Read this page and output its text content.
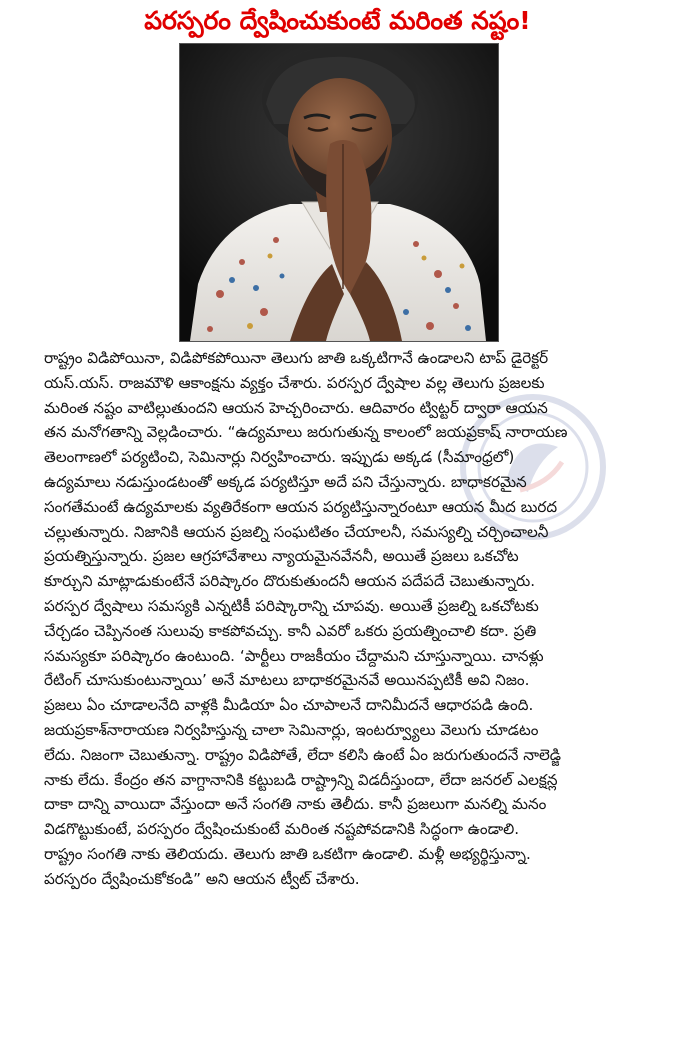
పరస్పరం ద్వేషించుకుంటే మరింత నష్టం!
రాష్ట్రం విడిపోయినా, విడిపోకపోయినా తెలుగు జాతి ఒక్కటిగానే ఉండాలని టాప్ డైరెక్టర్
యస్.యస్. రాజమౌళి ఆకాంక్షను వ్యక్తం చేశారు. పరస్పర ద్వేషాల వల్ల తెలుగు ప్రజలకు
మరింత నష్టం వాటిల్లుతుందని ఆయన హెచ్చరించారు. ఆదివారం ట్విట్టర్ ద్వారా ఆయన
తన మనోగతాన్ని వెల్లడించారు. “ఉద్యమాలు జరుగుతున్న కాలంలో జయప్రకాష్ నారాయణ
తెలంగాణలో పర్యటించి, సెమినార్లు నిర్వహించారు. ఇప్పుడు అక్కడ (సీమాంధ్రలో)
ఉద్యమాలు నడుస్తుండటంతో అక్కడ పర్యటిస్తూ అదే పని చేస్తున్నారు. బాధాకరమైన
సంగతేమంటే ఉద్యమాలకు వ్యతిరేకంగా ఆయన పర్యటిస్తున్నారంటూ ఆయన మీద బురద
చల్లుతున్నారు. నిజానికి ఆయన ప్రజల్ని సంఘటితం చేయాలనీ, సమస్యల్ని చర్చించాలనీ
ప్రయత్నిస్తున్నారు. ప్రజల ఆగ్రహావేశాలు న్యాయమైనవేననీ, అయితే ప్రజలు ఒకచోట
కూర్చుని మాట్లాడుకుంటేనే పరిష్కారం దొరుకుతుందనీ ఆయన పదేపదే చెబుతున్నారు.
పరస్పర ద్వేషాలు సమస్యకి ఎన్నటికీ పరిష్కారాన్ని చూపవు. అయితే ప్రజల్ని ఒకచోటకు
చేర్చడం చెప్పినంత సులువు కాకపోవచ్చు. కానీ ఎవరో ఒకరు ప్రయత్నించాలి కదా. ప్రతి
సమస్యకూ పరిష్కారం ఉంటుంది. ‘పార్టీలు రాజకీయం చేద్దామని చూస్తున్నాయి. చానళ్లు
రేటింగ్ చూసుకుంటున్నాయి’ అనే మాటలు బాధాకరమైనవే అయినప్పటికీ అవి నిజం.
ప్రజలు ఏం చూడాలనేది వాళ్లకి మీడియా ఏం చూపాలనే దానిమీదనే ఆధారపడి ఉంది.
జయప్రకాశ్‌నారాయణ నిర్వహిస్తున్న చాలా సెమినార్లు, ఇంటర్వ్యూలు వెలుగు చూడటం
లేదు. నిజంగా చెబుతున్నా. రాష్ట్రం విడిపోతే, లేదా కలిసి ఉంటే ఏం జరుగుతుందనే నాలెడ్జి
నాకు లేదు. కేంద్రం తన వాగ్దానానికి కట్టుబడి రాష్ట్రాన్ని విడదీస్తుందా, లేదా జనరల్ ఎలక్షన్ల
దాకా దాన్ని వాయిదా వేస్తుందా అనే సంగతి నాకు తెలీదు. కానీ ప్రజలుగా మనల్ని మనం
విడగొట్టుకుంటే, పరస్పరం ద్వేషించుకుంటే మరింత నష్టపోవడానికి సిద్ధంగా ఉండాలి.
రాష్ట్రం సంగతి నాకు తెలియదు. తెలుగు జాతి ఒకటిగా ఉండాలి. మళ్లీ అభ్యర్థిస్తున్నా.
పరస్పరం ద్వేషించుకోకండి” అని ఆయన ట్వీట్ చేశారు.
